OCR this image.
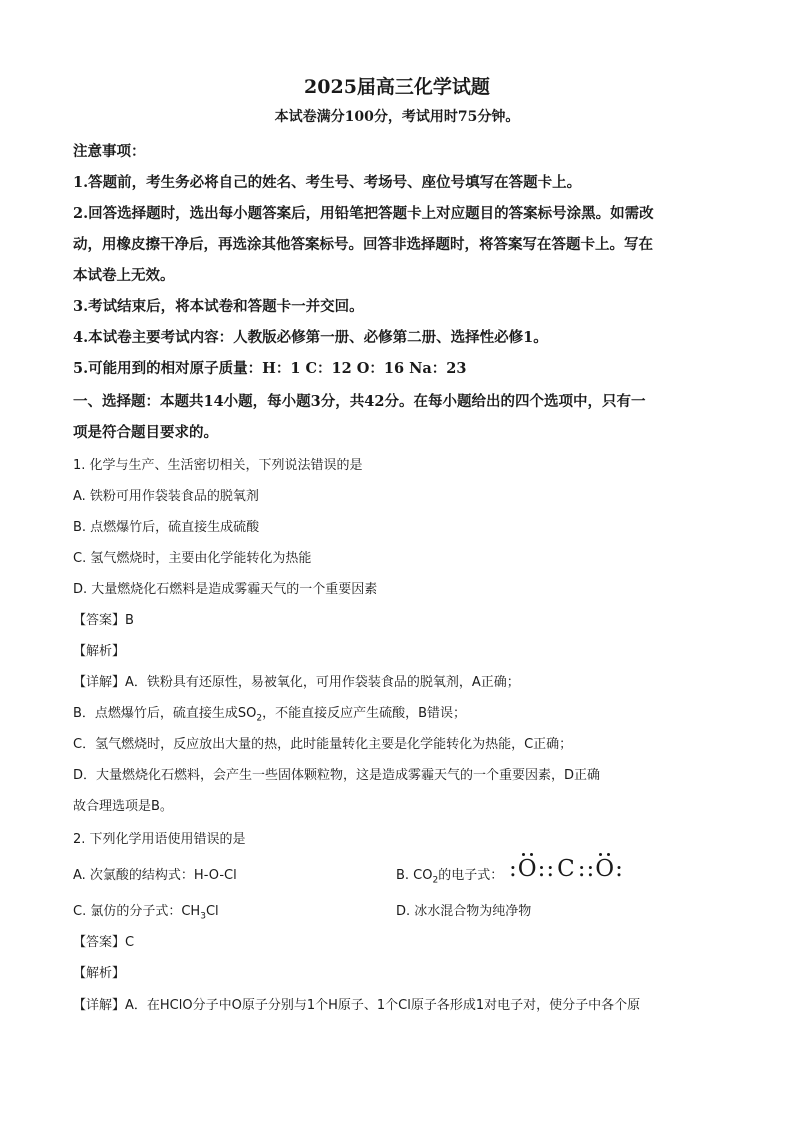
2025届高三化学试题
本试卷满分100分，考试用时75分钟。
注意事项：
1.答题前，考生务必将自己的姓名、考生号、考场号、座位号填写在答题卡上。
2.回答选择题时，选出每小题答案后，用铅笔把答题卡上对应题目的答案标号涂黑。如需改
动，用橡皮擦干净后，再选涂其他答案标号。回答非选择题时，将答案写在答题卡上。写在
本试卷上无效。
3.考试结束后，将本试卷和答题卡一并交回。
4.本试卷主要考试内容：人教版必修第一册、必修第二册、选择性必修1。
5.可能用到的相对原子质量：H：1 C：12 O：16 Na：23
一、选择题：本题共14小题，每小题3分，共42分。在每小题给出的四个选项中，只有一
项是符合题目要求的。
1. 化学与生产、生活密切相关，下列说法错误的是
A. 铁粉可用作袋装食品的脱氧剂
B. 点燃爆竹后，硫直接生成硫酸
C. 氢气燃烧时，主要由化学能转化为热能
D. 大量燃烧化石燃料是造成雾霾天气的一个重要因素
【答案】B
【解析】
【详解】A．铁粉具有还原性，易被氧化，可用作袋装食品的脱氧剂，A正确；
B．点燃爆竹后，硫直接生成$SO_2$，不能直接反应产生硫酸，B错误；
C．氢气燃烧时，反应放出大量的热，此时能量转化主要是化学能转化为热能，C正确；
D．大量燃烧化石燃料，会产生一些固体颗粒物，这是造成雾霾天气的一个重要因素，D正确
故合理选项是B。
2. 下列化学用语使用错误的是
A. 次氯酸的结构式：H-O-Cl	B. $CO_2$的电子式： :O::C::O:
C. 氯仿的分子式：$CH_3Cl$	D. 冰水混合物为纯净物
【答案】C
【解析】
【详解】A．在HClO分子中O原子分别与1个H原子、1个Cl原子各形成1对电子对，使分子中各个原
